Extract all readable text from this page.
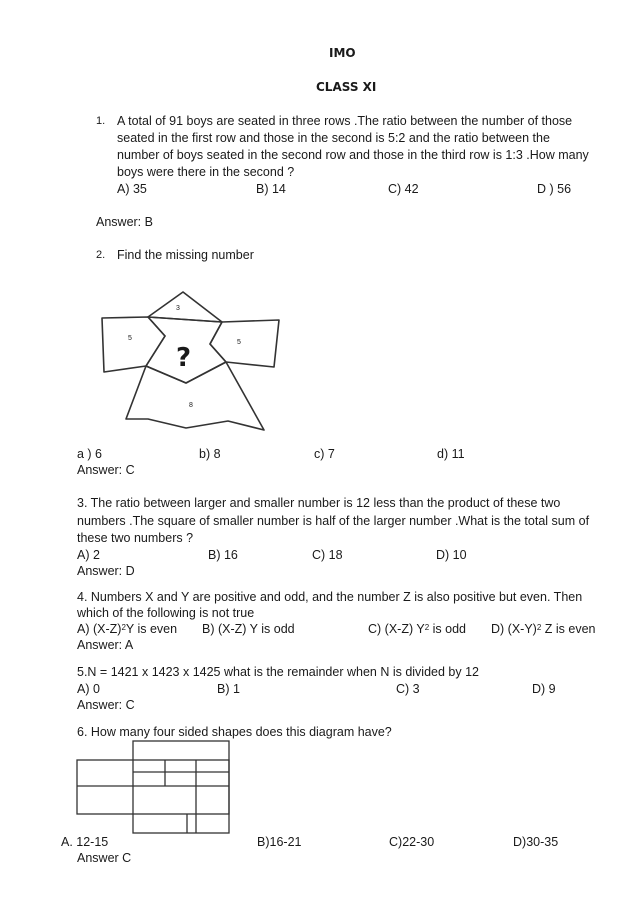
IMO
CLASS XI
1. A total of 91 boys are seated in three rows .The ratio between the number of those
seated in the first row and those in the second is 5:2 and the ratio between the
number of boys seated in the second row and those in the third row is 1:3 .How many
boys were there in the second ?
A) 35	B) 14	C) 42	D ) 56
Answer: B
2. Find the missing number
3
5
5
8
?
a ) 6	b) 8	c) 7	d) 11
Answer: C
3. The ratio between larger and smaller number is 12 less than the product of these two
numbers .The square of smaller number is half of the larger number .What is the total sum of
these two numbers ?
A) 2	B) 16	C) 18	D) 10
Answer: D
4. Numbers X and Y are positive and odd, and the number Z is also positive but even. Then
which of the following is not true
A) $(X-Z)^2Y$ is even B) (X-Z) Y is odd	C) (X-Z) $Y^2$ is odd D) $(X-Y)^2$ Z is even
Answer: A
5.N = 1421 x 1423 x 1425 what is the remainder when N is divided by 12
A) 0	B) 1	C) 3	D) 9
Answer: C
6. How many four sided shapes does this diagram have?
A. 12-15	B)16-21	C)22-30	D)30-35
Answer C
